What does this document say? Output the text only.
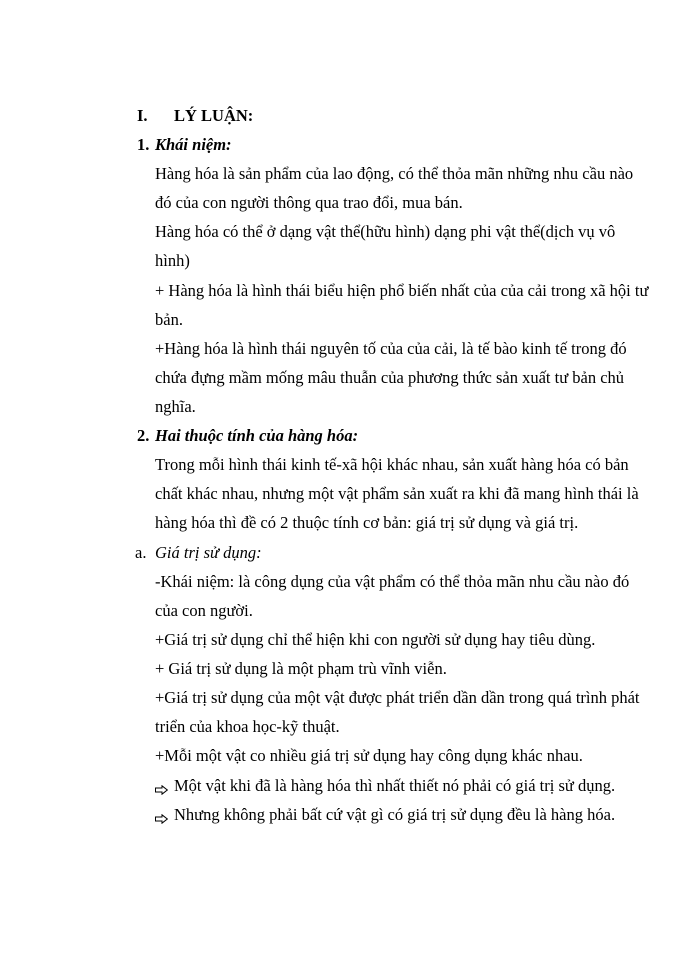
I. LÝ LUẬN:
1. Khái niệm:
Hàng hóa là sản phẩm của lao động, có thể thỏa mãn những nhu cầu nào
đó của con người thông qua trao đổi, mua bán.
Hàng hóa có thể ở dạng vật thể(hữu hình) dạng phi vật thể(dịch vụ vô
hình)
+ Hàng hóa là hình thái biểu hiện phổ biến nhất của của cải trong xã hội tư
bản.
+Hàng hóa là hình thái nguyên tố của của cải, là tế bào kinh tế trong đó
chứa đựng mầm mống mâu thuẫn của phương thức sản xuất tư bản chủ
nghĩa.
2. Hai thuộc tính của hàng hóa:
Trong mỗi hình thái kinh tế-xã hội khác nhau, sản xuất hàng hóa có bản
chất khác nhau, nhưng một vật phẩm sản xuất ra khi đã mang hình thái là
hàng hóa thì đề có 2 thuộc tính cơ bản: giá trị sử dụng và giá trị.
a. Giá trị sử dụng:
-Khái niệm: là công dụng của vật phẩm có thể thỏa mãn nhu cầu nào đó
của con người.
+Giá trị sử dụng chỉ thể hiện khi con người sử dụng hay tiêu dùng.
+ Giá trị sử dụng là một phạm trù vĩnh viễn.
+Giá trị sử dụng của một vật được phát triển dần dần trong quá trình phát
triển của khoa học-kỹ thuật.
+Mỗi một vật co nhiều giá trị sử dụng hay công dụng khác nhau.
Một vật khi đã là hàng hóa thì nhất thiết nó phải có giá trị sử dụng.
Nhưng không phải bất cứ vật gì có giá trị sử dụng đều là hàng hóa.
